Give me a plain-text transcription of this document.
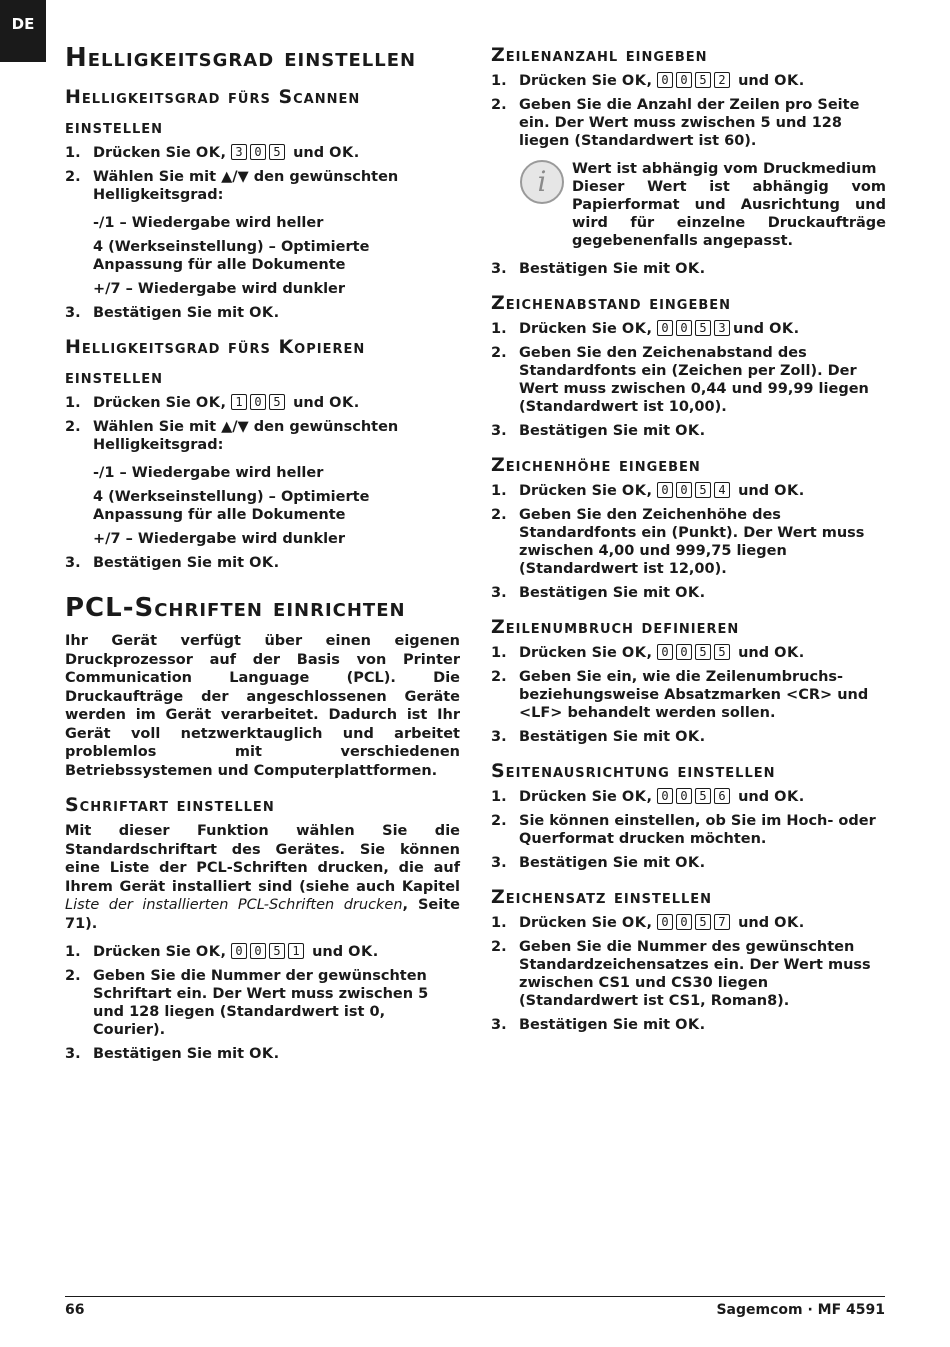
DE
Helligkeitsgrad einstellen
Helligkeitsgrad fürs Scannen einstellen
1. Drücken Sie OK, 3 0 5 und OK.
2. Wählen Sie mit ▲/▼ den gewünschten Helligkeitsgrad:
-/1 – Wiedergabe wird heller
4 (Werkseinstellung) – Optimierte Anpassung für alle Dokumente
+/7 – Wiedergabe wird dunkler
3. Bestätigen Sie mit OK.
Helligkeitsgrad fürs Kopieren einstellen
1. Drücken Sie OK, 1 0 5 und OK.
2. Wählen Sie mit ▲/▼ den gewünschten Helligkeitsgrad:
-/1 – Wiedergabe wird heller
4 (Werkseinstellung) – Optimierte Anpassung für alle Dokumente
+/7 – Wiedergabe wird dunkler
3. Bestätigen Sie mit OK.
PCL-Schriften einrichten

Ihr Gerät verfügt über einen eigenen Druckprozessor auf der Basis von Printer Communication Language (PCL). Die Druckaufträge der angeschlossenen Geräte werden im Gerät verarbeitet. Dadurch ist Ihr Gerät voll netzwerktauglich und arbeitet problemlos mit verschiedenen Betriebssystemen und Computerplattformen.

Schriftart einstellen

Mit dieser Funktion wählen Sie die Standardschriftart des Gerätes. Sie können eine Liste der PCL-Schriften drucken, die auf Ihrem Gerät installiert sind (siehe auch Kapitel Liste der installierten PCL-Schriften drucken, Seite 71).

1. Drücken Sie OK, 0 0 5 1 und OK.
2. Geben Sie die Nummer der gewünschten Schriftart ein. Der Wert muss zwischen 5 und 128 liegen (Standardwert ist 0, Courier).
3. Bestätigen Sie mit OK.
Zeilenanzahl eingeben
1. Drücken Sie OK, 0 0 5 2 und OK.
2. Geben Sie die Anzahl der Zeilen pro Seite ein. Der Wert muss zwischen 5 und 128 liegen (Standardwert ist 60).
i	Wert ist abhängig vom Druckmedium
Dieser Wert ist abhängig vom Papierformat und Ausrichtung und wird für einzelne Druckaufträge gegebenenfalls angepasst.
3. Bestätigen Sie mit OK.
Zeichenabstand eingeben
1. Drücken Sie OK, 0 0 5 3 und OK.
2. Geben Sie den Zeichenabstand des Standardfonts ein (Zeichen per Zoll). Der Wert muss zwischen 0,44 und 99,99 liegen (Standardwert ist 10,00).
3. Bestätigen Sie mit OK.
Zeichenhöhe eingeben
1. Drücken Sie OK, 0 0 5 4 und OK.
2. Geben Sie den Zeichenhöhe des Standardfonts ein (Punkt). Der Wert muss zwischen 4,00 und 999,75 liegen (Standardwert ist 12,00).
3. Bestätigen Sie mit OK.
Zeilenumbruch definieren
1. Drücken Sie OK, 0 0 5 5 und OK.
2. Geben Sie ein, wie die Zeilenumbruchs- beziehungsweise Absatzmarken <CR> und <LF> behandelt werden sollen.
3. Bestätigen Sie mit OK.
Seitenausrichtung einstellen
1. Drücken Sie OK, 0 0 5 6 und OK.
2. Sie können einstellen, ob Sie im Hoch- oder Querformat drucken möchten.
3. Bestätigen Sie mit OK.
Zeichensatz einstellen
1. Drücken Sie OK, 0 0 5 7 und OK.
2. Geben Sie die Nummer des gewünschten Standardzeichensatzes ein. Der Wert muss zwischen CS1 und CS30 liegen (Standardwert ist CS1, Roman8).
3. Bestätigen Sie mit OK.
66	Sagemcom · MF 4591
